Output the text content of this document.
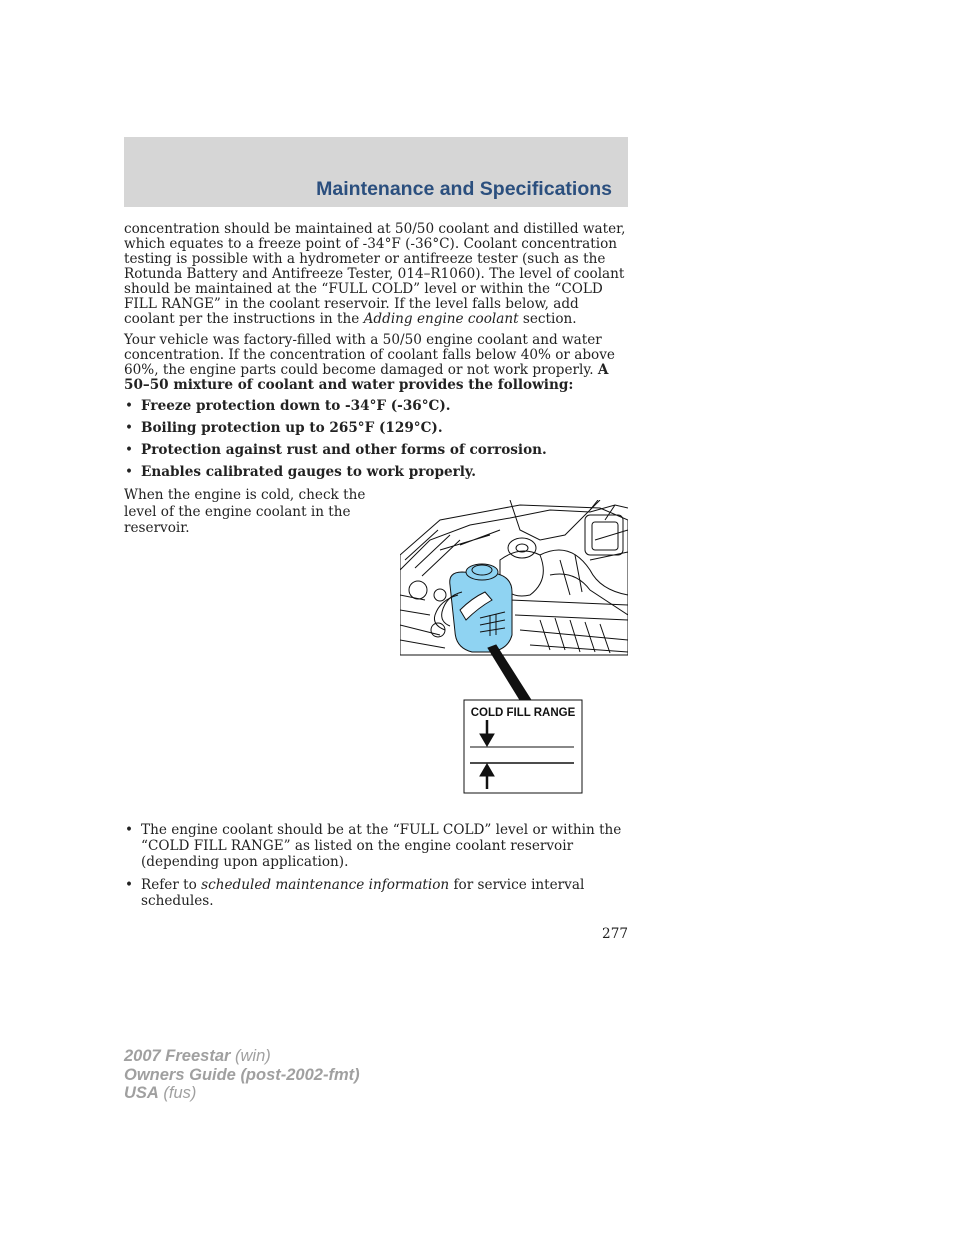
Maintenance and Specifications

concentration should be maintained at 50/50 coolant and distilled water, which equates to a freeze point of -34°F (-36°C). Coolant concentration testing is possible with a hydrometer or antifreeze tester (such as the Rotunda Battery and Antifreeze Tester, 014–R1060). The level of coolant should be maintained at the “FULL COLD” level or within the “COLD FILL RANGE” in the coolant reservoir. If the level falls below, add coolant per the instructions in the Adding engine coolant section.

Your vehicle was factory-filled with a 50/50 engine coolant and water concentration. If the concentration of coolant falls below 40% or above 60%, the engine parts could become damaged or not work properly. A 50–50 mixture of coolant and water provides the following:

• Freeze protection down to -34°F (-36°C).
• Boiling protection up to 265°F (129°C).
• Protection against rust and other forms of corrosion.
• Enables calibrated gauges to work properly.

When the engine is cold, check the level of the engine coolant in the reservoir.

COLD FILL RANGE
• The engine coolant should be at the “FULL COLD” level or within the “COLD FILL RANGE” as listed on the engine coolant reservoir (depending upon application).
• Refer to scheduled maintenance information for service interval schedules.
277
2007 Freestar (win)
Owners Guide (post-2002-fmt)
USA (fus)
